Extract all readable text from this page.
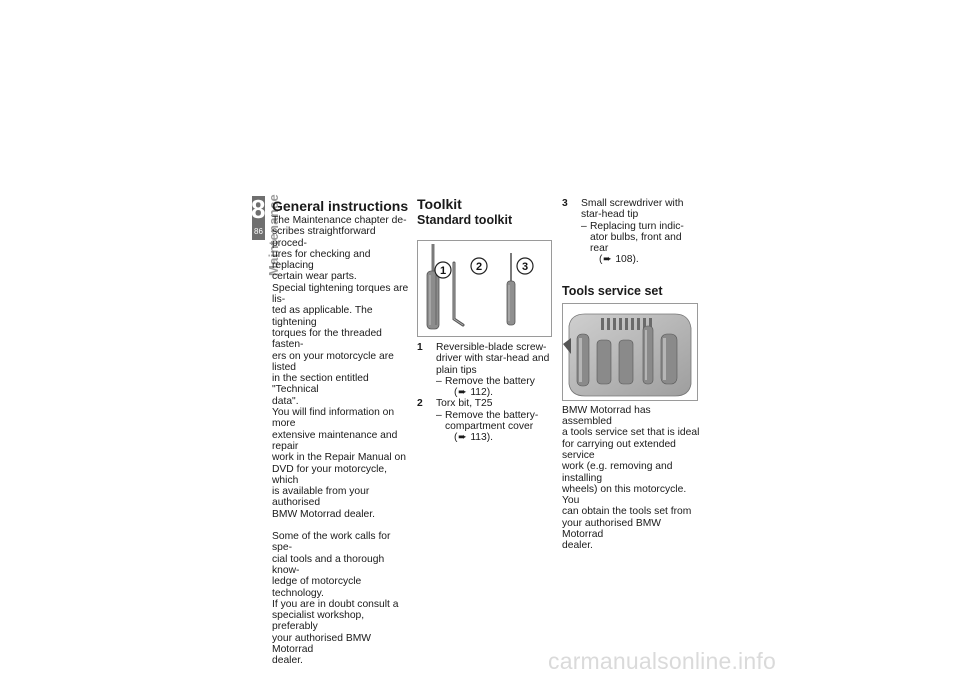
8
86 Maintenance
General instructions

The Maintenance chapter de-
scribes straightforward proced-
ures for checking and replacing
certain wear parts.

Special tightening torques are lis-
ted as applicable. The tightening
torques for the threaded fasten-
ers on your motorcycle are listed
in the section entitled "Technical
data".

You will find information on more
extensive maintenance and repair
work in the Repair Manual on
DVD for your motorcycle, which
is available from your authorised
BMW Motorrad dealer.

Some of the work calls for spe-
cial tools and a thorough know-
ledge of motorcycle technology.
If you are in doubt consult a
specialist workshop, preferably
your authorised BMW Motorrad
dealer.

Toolkit
Standard toolkit
1	2	3
1 Reversible-blade screw-
driver with star-head and
plain tips

– Remove the battery

(➨ 112).

2 Torx bit, T25

– Remove the battery-
compartment cover

(➨ 113).

3 Small screwdriver with
star-head tip

– Replacing turn indic-
ator bulbs, front and rear

(➨ 108).

Tools service set

BMW Motorrad has assembled
a tools service set that is ideal
for carrying out extended service
work (e.g. removing and installing
wheels) on this motorcycle. You
can obtain the tools set from
your authorised BMW Motorrad
dealer.

carmanualsonline.info
